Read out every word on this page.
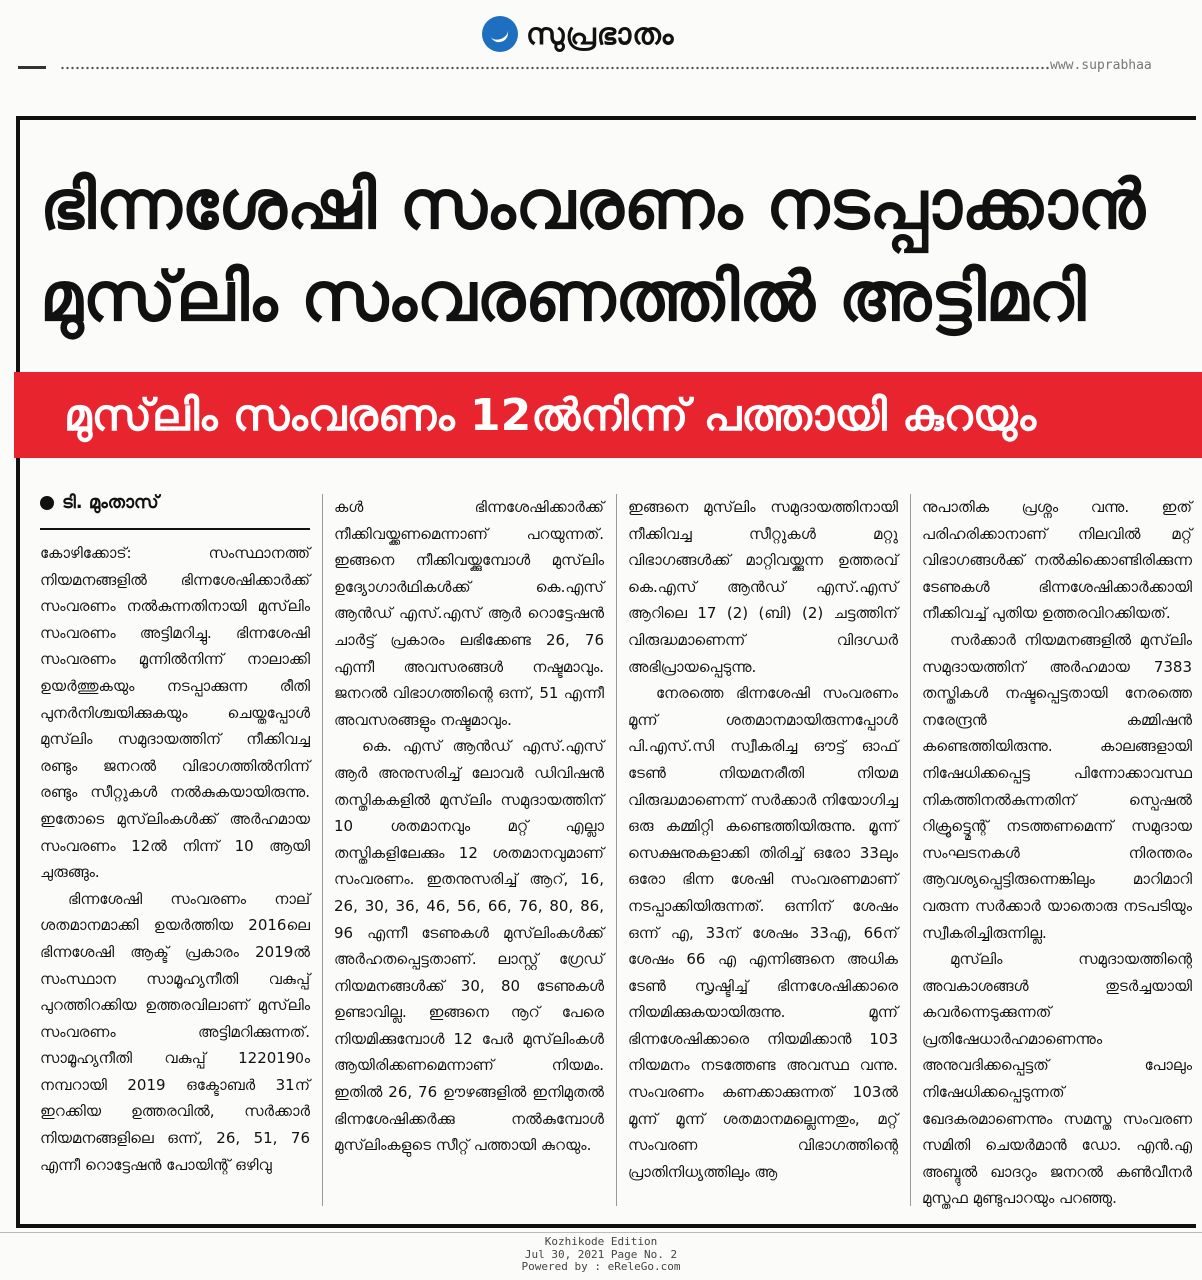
സുപ്രഭാതം
www.suprabhaa
ഭിന്നശേഷി സംവരണം നടപ്പാക്കാൻ മുസ്‌ലിം സംവരണത്തിൽ അട്ടിമറി
മുസ്‌ലിം സംവരണം 12ൽനിന്ന് പത്തായി കുറയും
ടി. മുംതാസ്

കോഴിക്കോട്: സംസ്ഥാനത്ത് നിയമനങ്ങളിൽ ഭിന്നശേഷിക്കാർക്ക് സംവരണം നൽകുന്നതിനായി മുസ്‌ലിം സംവരണം അട്ടിമറിച്ചു. ഭിന്നശേഷി സംവരണം മൂന്നിൽനിന്ന് നാലാക്കി ഉയർത്തുകയും നടപ്പാക്കുന്ന രീതി പുനർനിശ്ചയിക്കുകയും ചെയ്തപ്പോൾ മുസ്‌ലിം സമുദായത്തിന് നീക്കിവച്ച രണ്ടും ജനറൽ വിഭാഗത്തിൽനിന്ന് രണ്ടും സീറ്റുകൾ നൽകുകയായിരുന്നു. ഇതോടെ മുസ്‌ലിംകൾക്ക് അർഹമായ സംവരണം 12ൽ നിന്ന് 10 ആയി ചുരുങ്ങും.

ഭിന്നശേഷി സംവരണം നാല് ശതമാനമാക്കി ഉയർത്തിയ 2016ലെ ഭിന്നശേഷി ആക്ട് പ്രകാരം 2019ൽ സംസ്ഥാന സാമൂഹ്യനീതി വകുപ്പ് പുറത്തിറക്കിയ ഉത്തരവിലാണ് മുസ്‌ലിം സംവരണം അട്ടിമറിക്കുന്നത്. സാമൂഹ്യനീതി വകുപ്പ് 1220190ം നമ്പറായി 2019 ഒക്ടോബർ 31ന് ഇറക്കിയ ഉത്തരവിൽ, സർക്കാർ നിയമനങ്ങളിലെ ഒന്ന്, 26, 51, 76 എന്നീ റൊട്ടേഷൻ പോയിന്റ് ഒഴിവു

കൾ ഭിന്നശേഷിക്കാർക്ക് നീക്കിവയ്ക്കണമെന്നാണ് പറയുന്നത്. ഇങ്ങനെ നീക്കിവയ്ക്കുമ്പോൾ മുസ്‌ലിം ഉദ്യോഗാർഥികൾക്ക് കെ.എസ് ആൻഡ് എസ്.എസ് ആർ റൊട്ടേഷൻ ചാർട്ട് പ്രകാരം ലഭിക്കേണ്ട 26, 76 എന്നീ അവസരങ്ങൾ നഷ്ടമാവും. ജനറൽ വിഭാഗത്തിന്റെ ഒന്ന്, 51 എന്നീ അവസരങ്ങളും നഷ്ടമാവും.

കെ. എസ് ആൻഡ് എസ്.എസ് ആർ അനുസരിച്ച് ലോവർ ഡിവിഷൻ തസ്തികകളിൽ മുസ്‌ലിം സമുദായത്തിന് 10 ശതമാനവും മറ്റ് എല്ലാ തസ്തികളിലേക്കും 12 ശതമാനവുമാണ് സംവരണം. ഇതനുസരിച്ച് ആറ്, 16, 26, 30, 36, 46, 56, 66, 76, 80, 86, 96 എന്നീ ടേണുകൾ മുസ്‌ലിംകൾക്ക് അർഹതപ്പെട്ടതാണ്. ലാസ്റ്റ് ഗ്രേഡ് നിയമനങ്ങൾക്ക് 30, 80 ടേണുകൾ ഉണ്ടാവില്ല. ഇങ്ങനെ നൂറ് പേരെ നിയമിക്കുമ്പോൾ 12 പേർ മുസ്‌ലിംകൾ ആയിരിക്കണമെന്നാണ് നിയമം. ഇതിൽ 26, 76 ഊഴങ്ങളിൽ ഇനിമുതൽ ഭിന്നശേഷിക്കർക്കു നൽകുമ്പോൾ മുസ്‌ലിംകളുടെ സീറ്റ് പത്തായി കുറയും.

ഇങ്ങനെ മുസ്‌ലിം സമുദായത്തിനായി നീക്കിവച്ച സീറ്റുകൾ മറ്റു വിഭാഗങ്ങൾക്ക് മാറ്റിവയ്ക്കുന്ന ഉത്തരവ് കെ.എസ് ആൻഡ് എസ്.എസ് ആറിലെ 17 (2) (ബി) (2) ചട്ടത്തിന് വിരുദ്ധമാണെന്ന് വിദഗ്ധർ അഭിപ്രായപ്പെടുന്നു.

നേരത്തെ ഭിന്നശേഷി സംവരണം മൂന്ന് ശതമാനമായിരുന്നപ്പോൾ പി.എസ്.സി സ്വീകരിച്ച ഔട്ട് ഓഫ് ടേൺ നിയമനരീതി നിയമ വിരുദ്ധമാണെന്ന് സർക്കാർ നിയോഗിച്ച ഒരു കമ്മിറ്റി കണ്ടെത്തിയിരുന്നു. മൂന്ന് സെക്ഷനുകളാക്കി തിരിച്ച് ഒരോ 33ലും ഒരോ ഭിന്ന ശേഷി സംവരണമാണ് നടപ്പാക്കിയിരുന്നത്. ഒന്നിന് ശേഷം ഒന്ന് എ, 33ന് ശേഷം 33എ, 66ന് ശേഷം 66 എ എന്നിങ്ങനെ അധിക ടേൺ സൃഷ്ടിച്ച് ഭിന്നശേഷിക്കാരെ നിയമിക്കുകയായിരുന്നു. മൂന്ന് ഭിന്നശേഷിക്കാരെ നിയമിക്കാൻ 103 നിയമനം നടത്തേണ്ട അവസ്ഥ വന്നു. സംവരണം കണക്കാക്കുന്നത് 103ൽ മൂന്ന് മൂന്ന് ശതമാനമല്ലെന്നതും, മറ്റ് സംവരണ വിഭാഗത്തിന്റെ പ്രാതിനിധ്യത്തിലും ആ

നുപാതിക പ്രശ്നം വന്നു. ഇത് പരിഹരിക്കാനാണ് നിലവിൽ മറ്റ് വിഭാഗങ്ങൾക്ക് നൽകിക്കൊണ്ടിരിക്കുന്ന ടേണുകൾ ഭിന്നശേഷിക്കാർക്കായി നീക്കിവച്ച് പുതിയ ഉത്തരവിറക്കിയത്.

സർക്കാർ നിയമനങ്ങളിൽ മുസ്‌ലിം സമുദായത്തിന് അർഹമായ 7383 തസ്തികൾ നഷ്ടപ്പെട്ടതായി നേരത്തെ നരേന്ദ്രൻ കമ്മിഷൻ കണ്ടെത്തിയിരുന്നു. കാലങ്ങളായി നിഷേധിക്കപ്പെട്ട പിന്നോക്കാവസ്ഥ നികത്തിനൽകുന്നതിന് സ്പെഷൽ റിക്രൂട്ട്മെന്റ് നടത്തണമെന്ന് സമുദായ സംഘടനകൾ നിരന്തരം ആവശ്യപ്പെട്ടിരുന്നെങ്കിലും മാറിമാറി വരുന്ന സർക്കാർ യാതൊരു നടപടിയും സ്വീകരിച്ചിരുന്നില്ല.

മുസ്‌ലിം സമുദായത്തിന്റെ അവകാശങ്ങൾ തുടർച്ചയായി കവർന്നെടുക്കുന്നത് പ്രതിഷേധാർഹമാണെന്നും അനുവദിക്കപ്പെട്ടത് പോലും നിഷേധിക്കപ്പെടുന്നത് ഖേദകരമാണെന്നും സമസ്ത സംവരണ സമിതി ചെയർമാൻ ഡോ. എൻ.എ അബ്ദുൽ ഖാദറും ജനറൽ കൺവീനർ മുസ്തഫ മുണ്ടുപാറയും പറഞ്ഞു.

Kozhikode Edition
Jul 30, 2021 Page No. 2
Powered by : eReleGo.com
